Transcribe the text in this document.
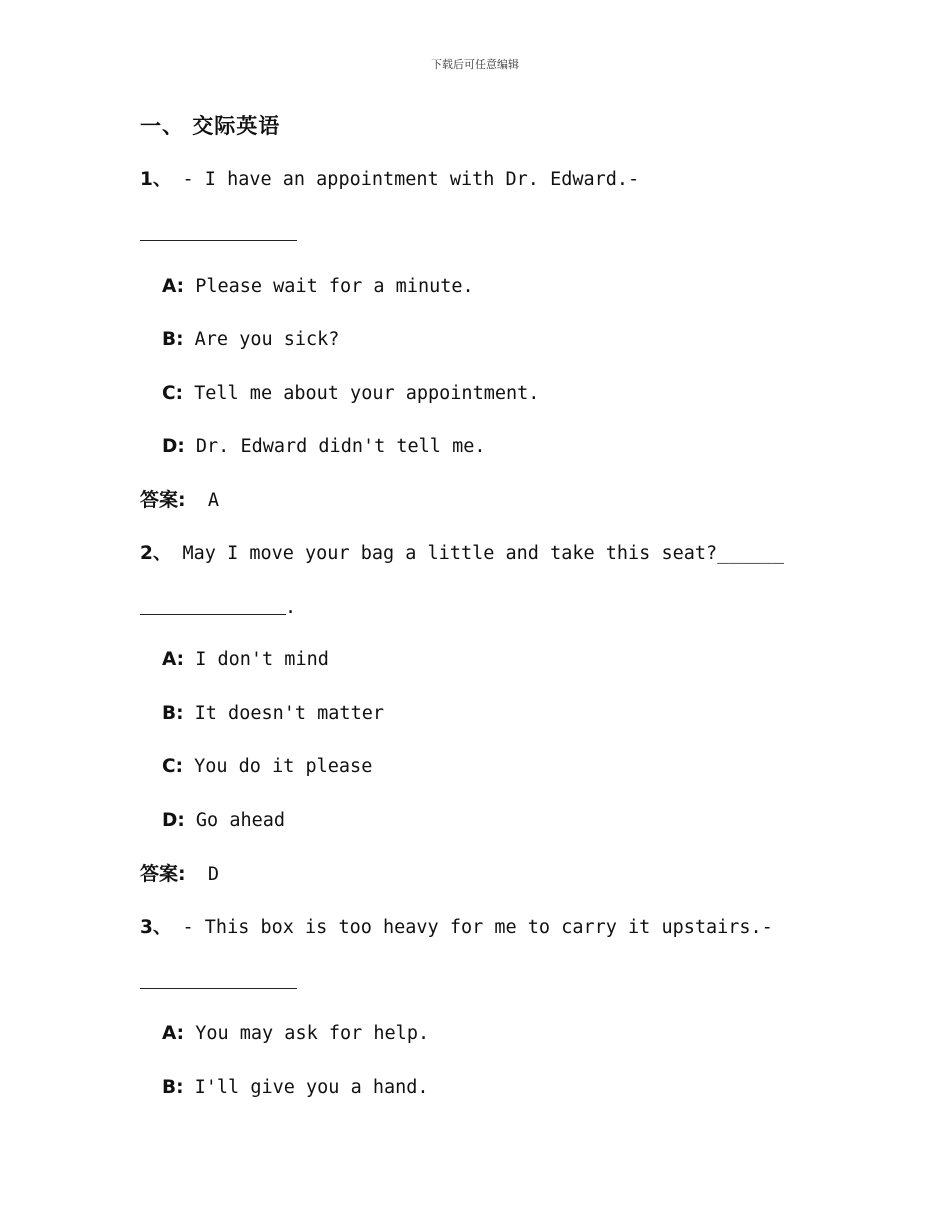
下载后可任意编辑
一、 交际英语
1、 - I have an appointment with Dr. Edward.-
A: Please wait for a minute.
B: Are you sick?
C: Tell me about your appointment.
D: Dr. Edward didn't tell me.
答案: A
2、 May I move your bag a little and take this seat?______
.
A: I don't mind
B: It doesn't matter
C: You do it please
D: Go ahead
答案: D
3、 - This box is too heavy for me to carry it upstairs.-
A: You may ask for help.
B: I'll give you a hand.
